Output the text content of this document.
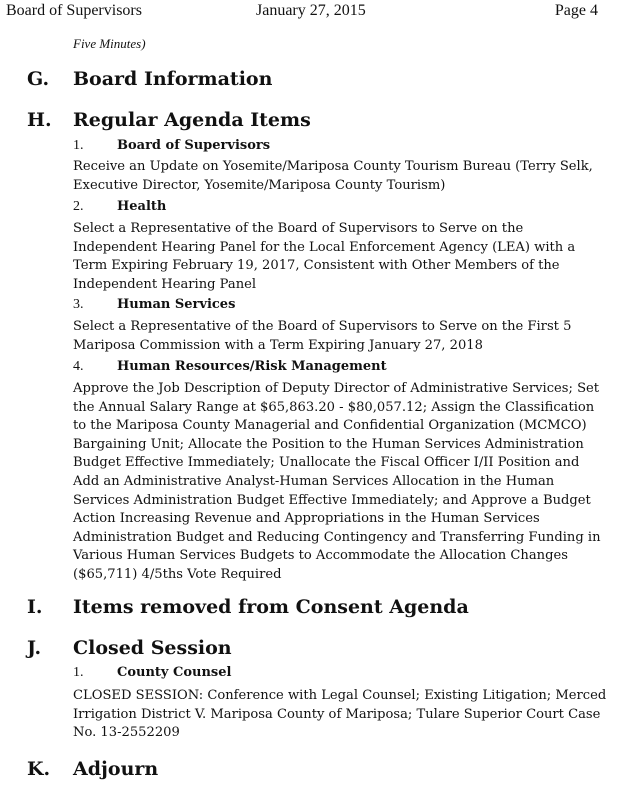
Board of Supervisors	January 27, 2015	Page 4
Five Minutes)
G. Board Information
H. Regular Agenda Items
1.	Board of Supervisors
Receive an Update on Yosemite/Mariposa County Tourism Bureau (Terry Selk, Executive Director, Yosemite/Mariposa County Tourism)
2.	Health
Select a Representative of the Board of Supervisors to Serve on the Independent Hearing Panel for the Local Enforcement Agency (LEA) with a Term Expiring February 19, 2017, Consistent with Other Members of the Independent Hearing Panel
3.	Human Services
Select a Representative of the Board of Supervisors to Serve on the First 5 Mariposa Commission with a Term Expiring January 27, 2018
4.	Human Resources/Risk Management
Approve the Job Description of Deputy Director of Administrative Services; Set the Annual Salary Range at $65,863.20 - $80,057.12; Assign the Classification to the Mariposa County Managerial and Confidential Organization (MCMCO) Bargaining Unit; Allocate the Position to the Human Services Administration Budget Effective Immediately; Unallocate the Fiscal Officer I/II Position and Add an Administrative Analyst-Human Services Allocation in the Human Services Administration Budget Effective Immediately; and Approve a Budget Action Increasing Revenue and Appropriations in the Human Services Administration Budget and Reducing Contingency and Transferring Funding in Various Human Services Budgets to Accommodate the Allocation Changes ($65,711) 4/5ths Vote Required
I. Items removed from Consent Agenda
J. Closed Session
1.	County Counsel
CLOSED SESSION: Conference with Legal Counsel; Existing Litigation; Merced Irrigation District V. Mariposa County of Mariposa; Tulare Superior Court Case No. 13-2552209
K. Adjourn
